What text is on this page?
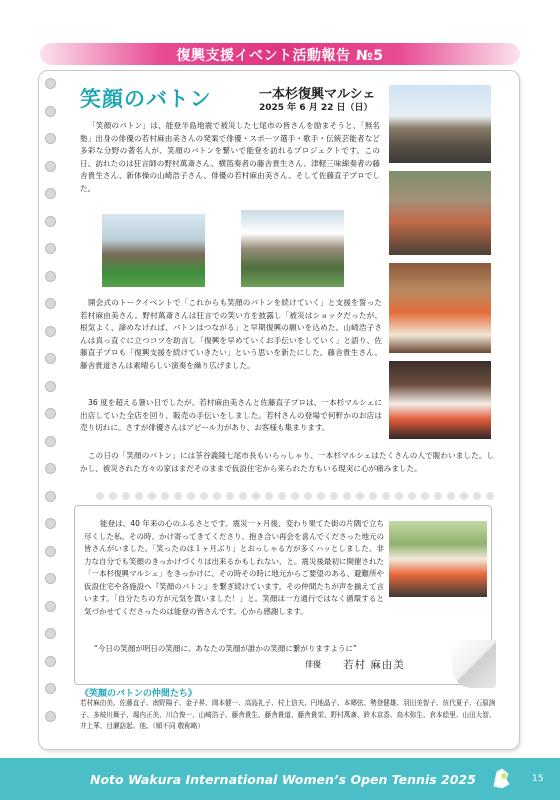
復興支援イベント活動報告 №5
笑顔のバトン	一本杉復興マルシェ
2025 年 6 月 22 日（日）
「笑顔のバトン」は、能登半島地震で被災した七尾市の皆さんを励まそうと、「無名塾」出身の俳優の若村麻由美さんの発案で俳優・スポーツ選手・歌手・伝統芸能者など多彩な分野の著名人が、笑顔のバトンを繋いで能登を訪れるプロジェクトです。この日、訪れたのは狂言師の野村萬斎さん、横笛奏者の藤舎貴生さん、津軽三味線奏者の藤舎貴生さん、新体操の山崎浩子さん、俳優の若村麻由美さん、そして佐藤直子プロでした。
開会式のトークイベントで「これからも笑顔のバトンを続けていく」と支援を誓った若村麻由美さん。野村萬斎さんは狂言での笑い方を披露し「被災はショックだったが、根気よく、諦めなければ、バトンはつながる」と早期復興の願いを込めた。山崎浩子さんは真っ直ぐに立つコツを助言し「復興を早めていくお手伝いをしていく」と語り、佐藤直子プロも「復興支援を続けていきたい」という思いを新たにした。藤舎貴生さん、藤舎貴道さんは素晴らしい演奏を繰り広げました。
36 度を超える暑い日でしたが、若村麻由美さんと佐藤直子プロは、一本杉マルシェに出店していた全店を回り、販売の手伝いをしました。若村さんの登場で何軒かのお店は売り切れに。さすが俳優さんはアピール力があり、お客様も集まります。
この日の「笑顔のバトン」には茶谷義隆七尾市長もいらっしゃり、一本杉マルシェはたくさんの人で賑わいました。しかし、被災された方々の家はまだそのままで仮設住宅から来られた方もいる現実に心が痛みました。
能登は、40 年来の心のふるさとです。震災一ヶ月後、変わり果てた街の片隅で立ち尽くした私。その時、かけ寄ってきてくださり、抱き合い再会を喜んでくださった地元の皆さんがいました。「笑ったのは１ヶ月ぶり」とおっしゃる方が多くハッとしました。非力な自分でも笑顔のきっかけづくりは出来るかもしれない、と。震災後最初に開催された「一本杉復興マルシェ」をきっかけに、その時その時に地元からご要望のある、避難所や仮設住宅や各施設へ『笑顔のバトン』を繋ぎ続けています。その仲間たちが声を揃えて言います。「自分たちの方が元気を貰いました！」と。笑顔は一方通行ではなく循環すると気づかせてくださったのは能登の皆さんです。心から感謝します。
“今日の笑顔が明日の笑顔に、あなたの笑顔が誰かの笑顔に繋がりますように”
俳優 若村 麻由美
《笑顔のバトンの仲間たち》
若村麻由美、佐藤直子、南野陽子、金子昇、岡本健一、高島礼子、村上信夫、円地晶子、本郷弦、勢登健雄、羽田美智子、伍代夏子、石原詢子、多岐川舞子、堀内正美、川合俊一、山崎浩子、藤舎貴生、藤舎貴道、藤舎貴栄、野村萬斎、鈴木京香、鳥木弥生、倉本絵里、山田大智、井上華、目瀬訪起、他。（順不同 敬称略）
Noto Wakura International Women’s Open Tennis 2025	15
